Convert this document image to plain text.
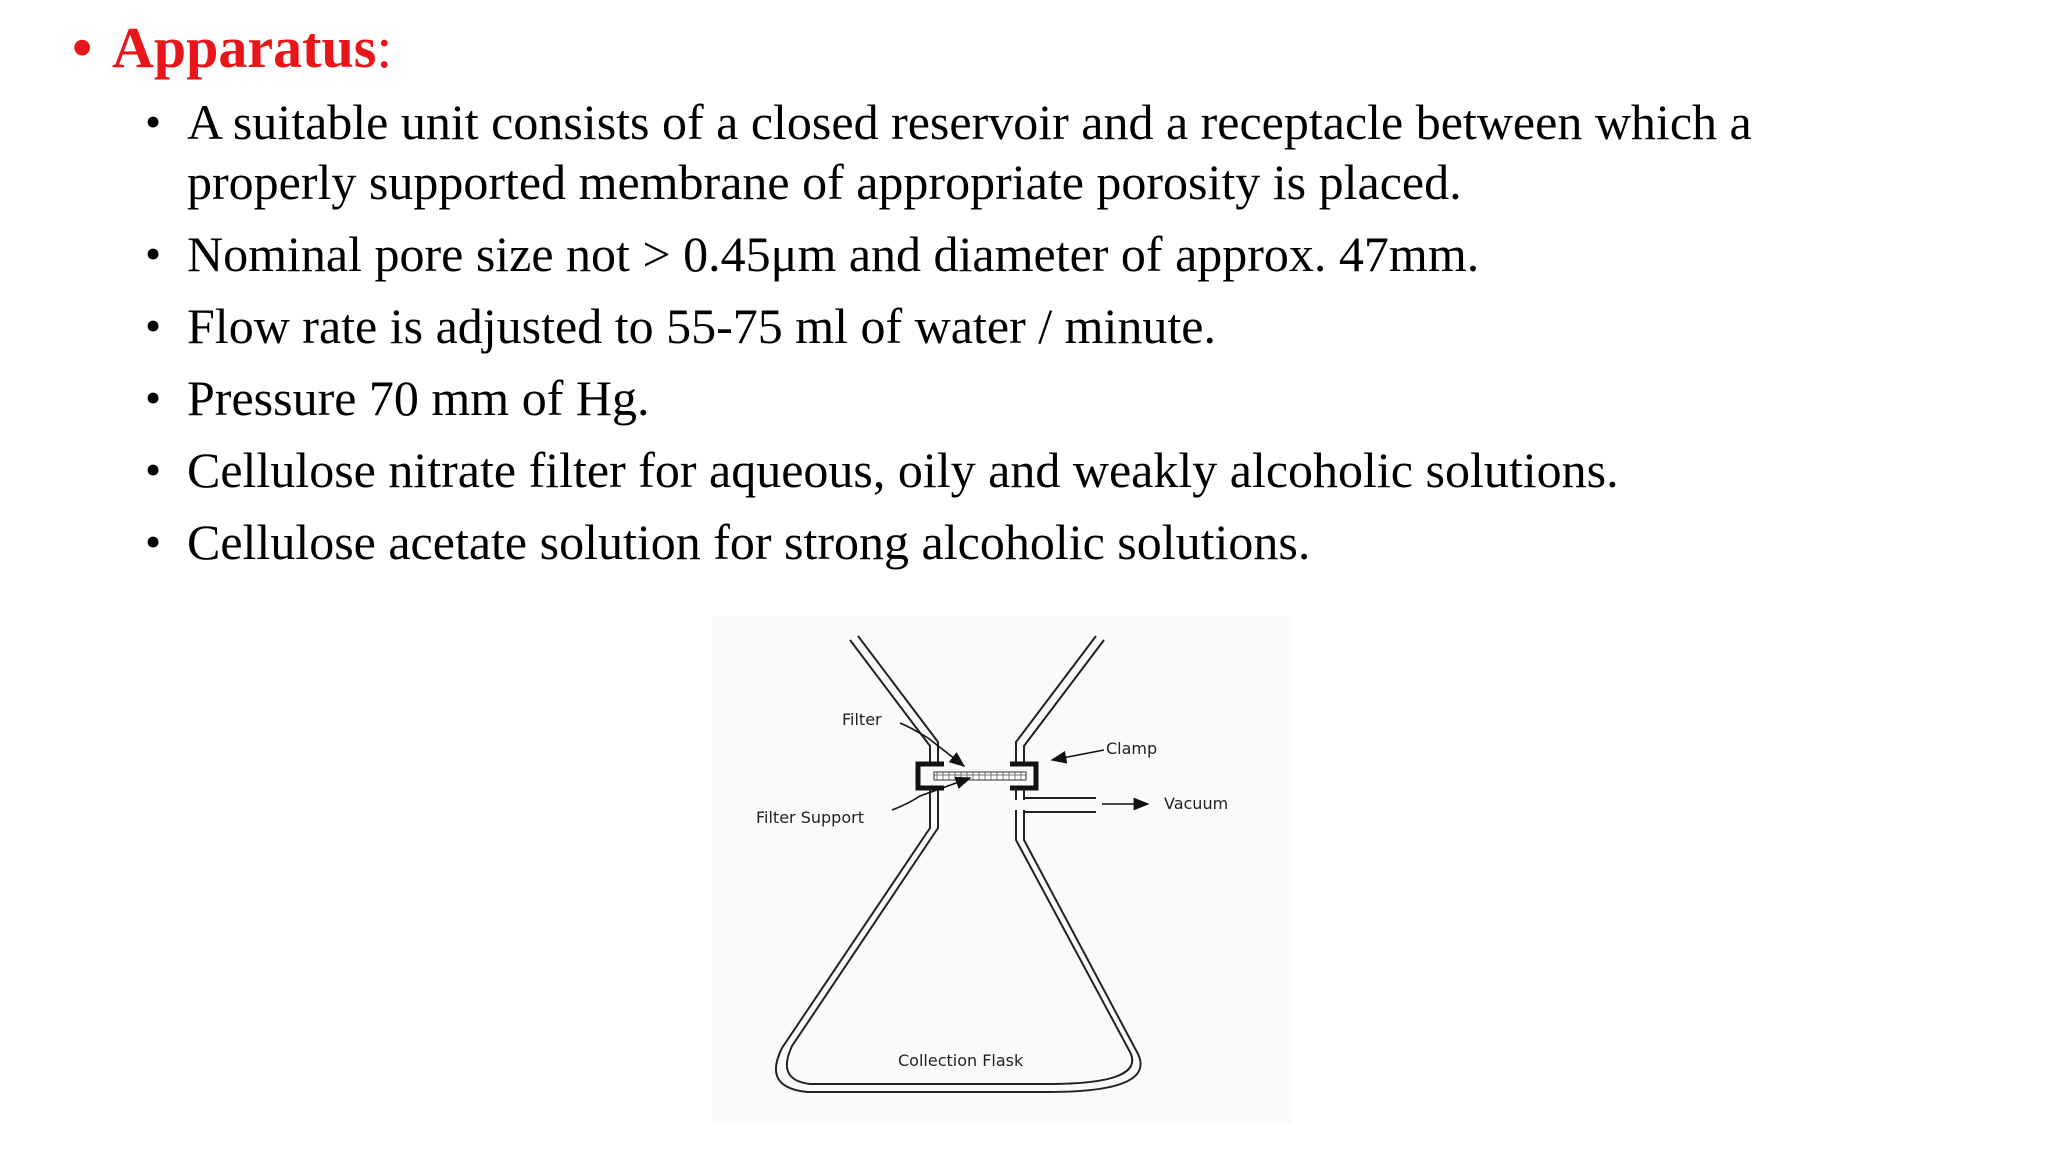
• Apparatus:
• A suitable unit consists of a closed reservoir and a receptacle between which a properly supported membrane of appropriate porosity is placed.
• Nominal pore size not > 0.45μm and diameter of approx. 47mm.
• Flow rate is adjusted to 55-75 ml of water / minute.
• Pressure 70 mm of Hg.
• Cellulose nitrate filter for aqueous, oily and weakly alcoholic solutions.
• Cellulose acetate solution for strong alcoholic solutions.
Filter
Clamp
Vacuum
Filter Support
Collection Flask
